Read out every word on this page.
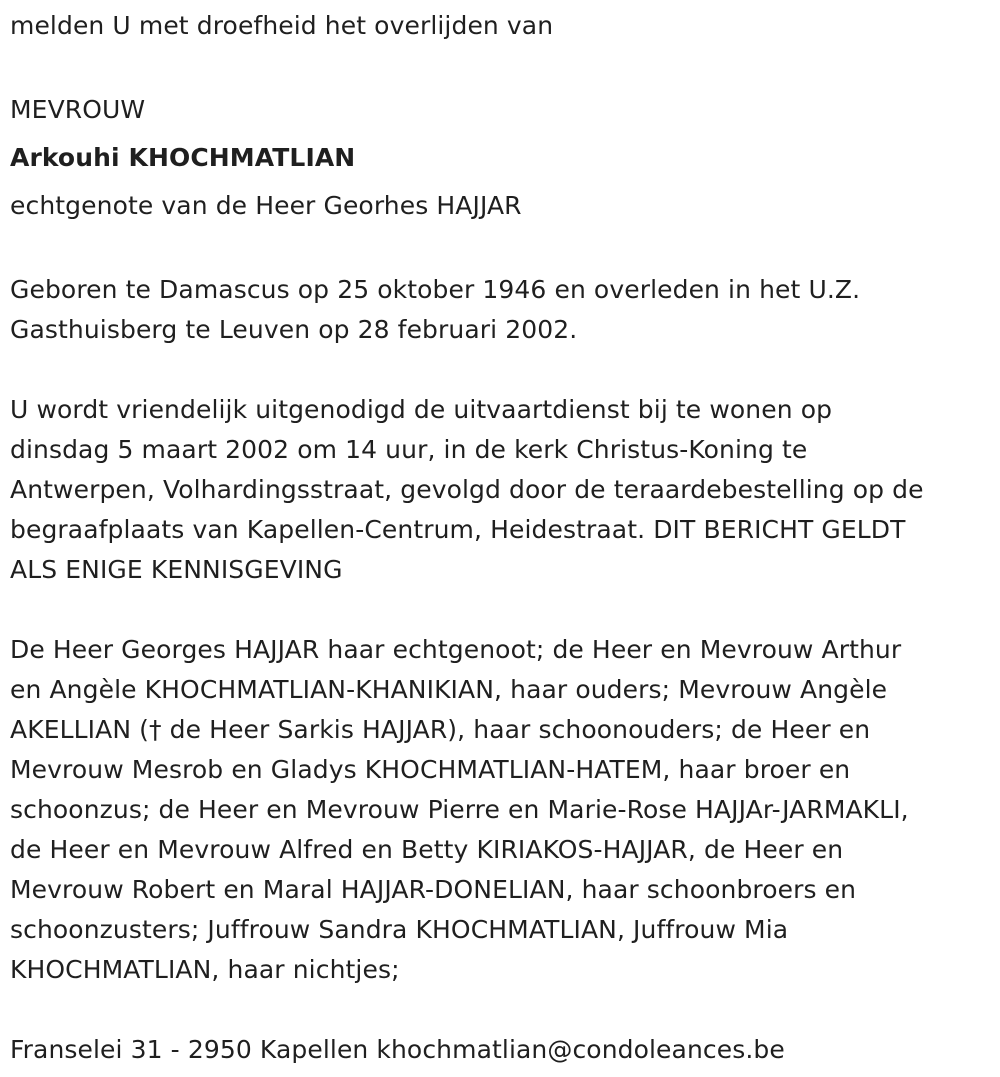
melden U met droefheid het overlijden van
MEVROUW
Arkouhi KHOCHMATLIAN
echtgenote van de Heer Georhes HAJJAR
Geboren te Damascus op 25 oktober 1946 en overleden in het U.Z.
Gasthuisberg te Leuven op 28 februari 2002.
U wordt vriendelijk uitgenodigd de uitvaartdienst bij te wonen op
dinsdag 5 maart 2002 om 14 uur, in de kerk Christus-Koning te
Antwerpen, Volhardingsstraat, gevolgd door de teraardebestelling op de
begraafplaats van Kapellen-Centrum, Heidestraat. DIT BERICHT GELDT
ALS ENIGE KENNISGEVING
De Heer Georges HAJJAR haar echtgenoot; de Heer en Mevrouw Arthur
en Angèle KHOCHMATLIAN-KHANIKIAN, haar ouders; Mevrouw Angèle
AKELLIAN († de Heer Sarkis HAJJAR), haar schoonouders; de Heer en
Mevrouw Mesrob en Gladys KHOCHMATLIAN-HATEM, haar broer en
schoonzus; de Heer en Mevrouw Pierre en Marie-Rose HAJJAr-JARMAKLI,
de Heer en Mevrouw Alfred en Betty KIRIAKOS-HAJJAR, de Heer en
Mevrouw Robert en Maral HAJJAR-DONELIAN, haar schoonbroers en
schoonzusters; Juffrouw Sandra KHOCHMATLIAN, Juffrouw Mia
KHOCHMATLIAN, haar nichtjes;
Franselei 31 - 2950 Kapellen khochmatlian@condoleances.be
